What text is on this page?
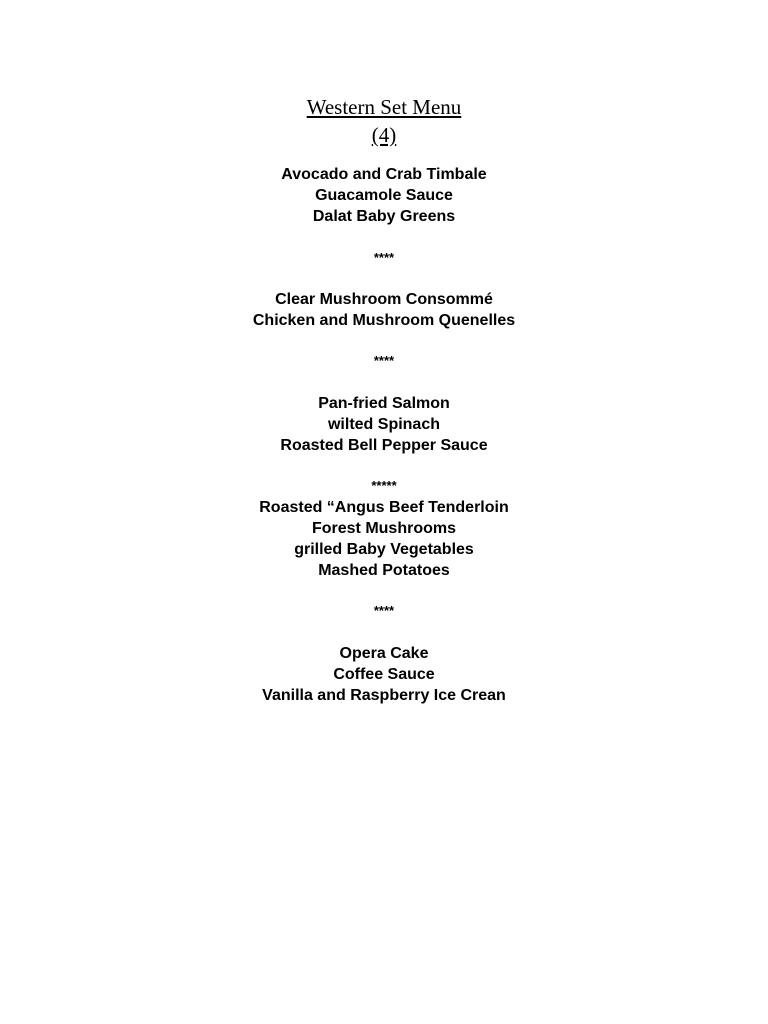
Western Set Menu
(4)
Avocado and Crab Timbale
Guacamole Sauce
Dalat Baby Greens
****
Clear Mushroom Consommé
Chicken and Mushroom Quenelles
****
Pan-fried Salmon
wilted Spinach
Roasted Bell Pepper Sauce
*****
Roasted “Angus Beef Tenderloin
Forest Mushrooms
grilled Baby Vegetables
Mashed Potatoes
****
Opera Cake
Coffee Sauce
Vanilla and Raspberry Ice Crean
